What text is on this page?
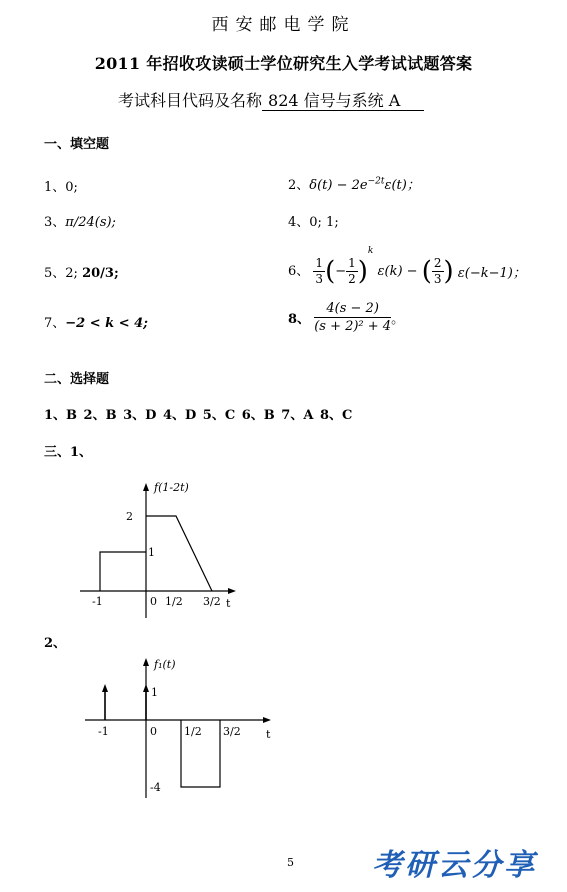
西安邮电学院
2011 年招收攻读硕士学位研究生入学考试试题答案
考试科目代码及名称 824 信号与系统 A
一、填空题
1、0;	2、$\delta(t) - 2e^{-2t}\varepsilon(t)$；
3、π/24(s);	4、0; 1;
5、2; 20/3;	6、 $\frac{1}{3}$ (− $\frac{1}{2} )^k$ ε(k) − ( $\frac{2}{3}$ ) ε(−k−1)；
7、−2 < k < 4;	8、 $\frac{4(s - 2)}{\text{(s + 2)² + 4}}$ 。
二、选择题
1、B 2、B 3、D 4、D 5、C 6、B 7、A 8、C
三、1、
f(1-2t)
t
2
1
-1	0 1/2 3/2
2、
f₁(t)
t
1
-4
-1	0 1/2 3/2
5	考研云分享
